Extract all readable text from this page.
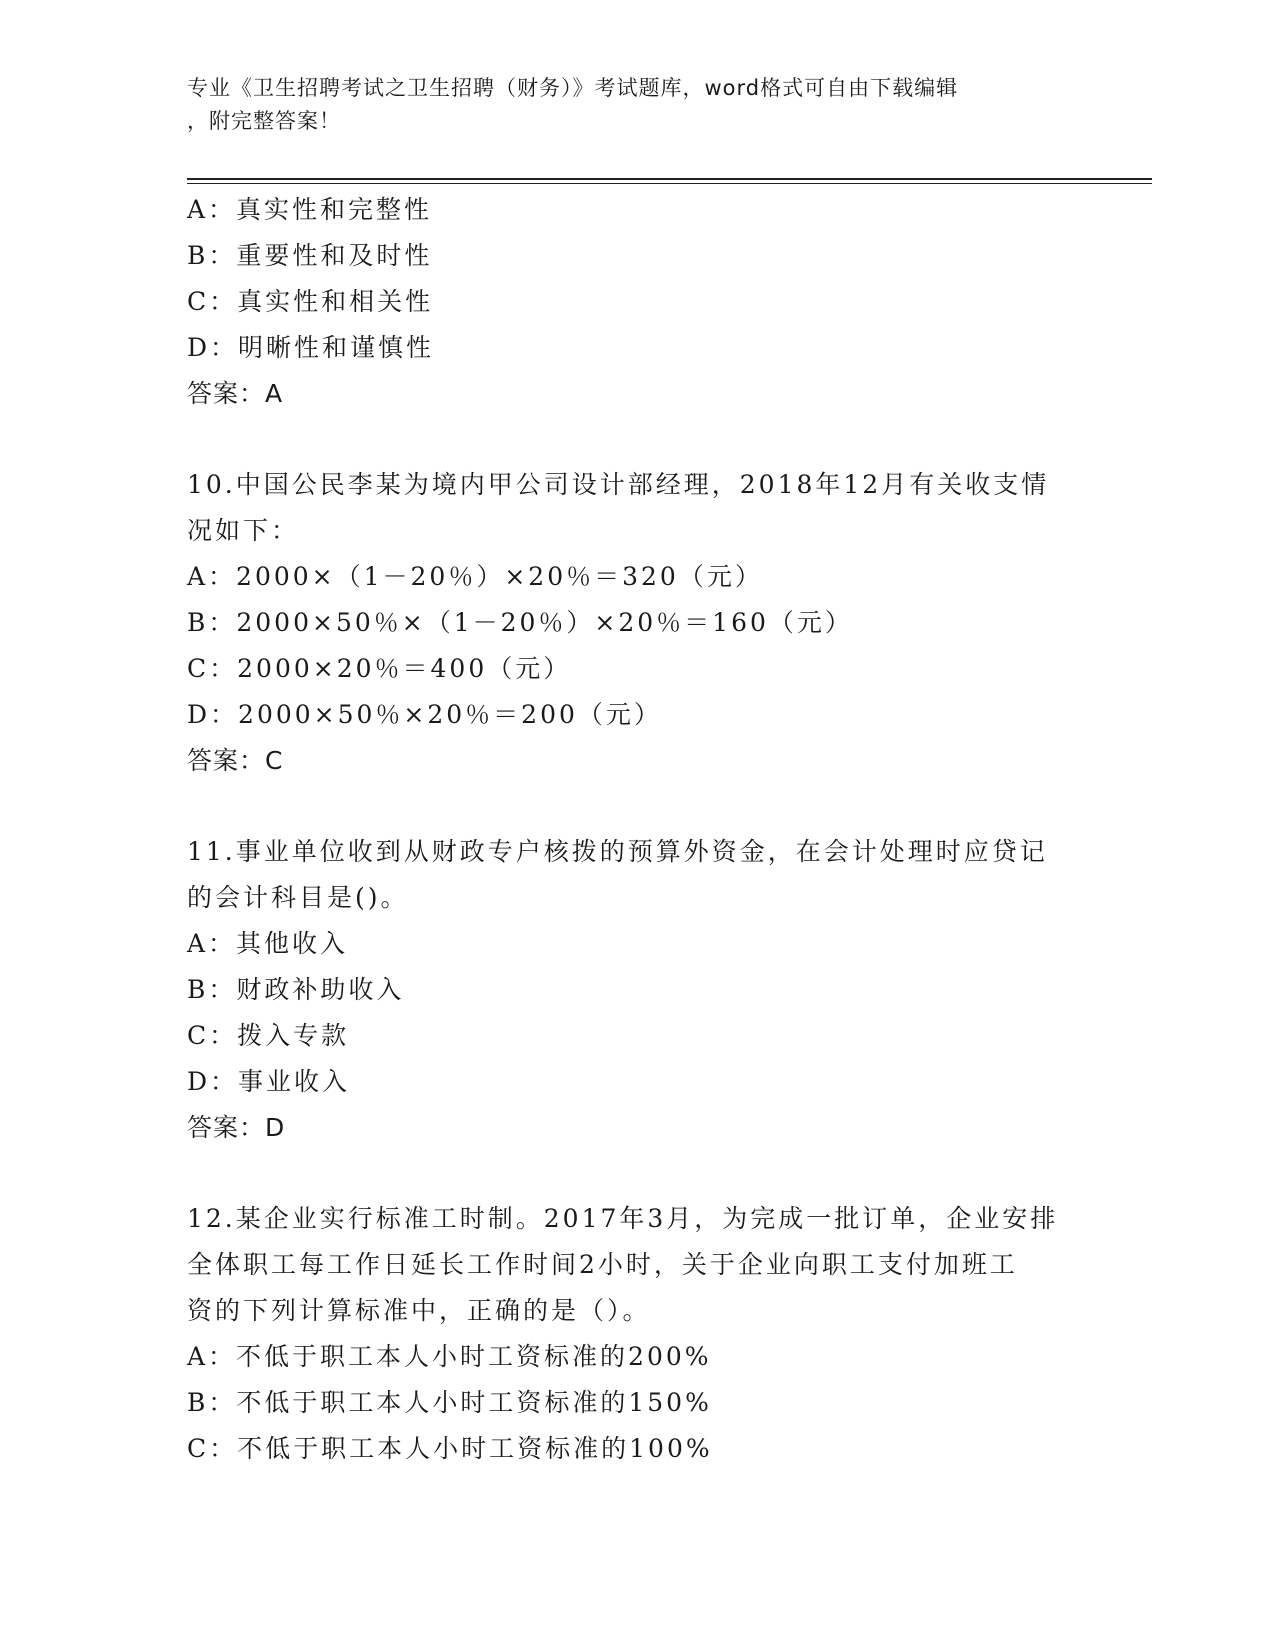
专业《卫生招聘考试之卫生招聘（财务）》考试题库，word格式可自由下载编辑
，附完整答案！
A：真实性和完整性
B：重要性和及时性
C：真实性和相关性
D：明晰性和谨慎性
答案：A
10.中国公民李某为境内甲公司设计部经理，2018年12月有关收支情
况如下：
A：2000×（1－20％）×20％＝320（元）
B：2000×50％×（1－20％）×20％＝160（元）
C：2000×20％＝400（元）
D：2000×50％×20％＝200（元）
答案：C
11.事业单位收到从财政专户核拨的预算外资金，在会计处理时应贷记
的会计科目是()。
A：其他收入
B：财政补助收入
C：拨入专款
D：事业收入
答案：D
12.某企业实行标准工时制。2017年3月，为完成一批订单，企业安排
全体职工每工作日延长工作时间2小时，关于企业向职工支付加班工
资的下列计算标准中，正确的是（）。
A：不低于职工本人小时工资标准的200%
B：不低于职工本人小时工资标准的150%
C：不低于职工本人小时工资标准的100%
